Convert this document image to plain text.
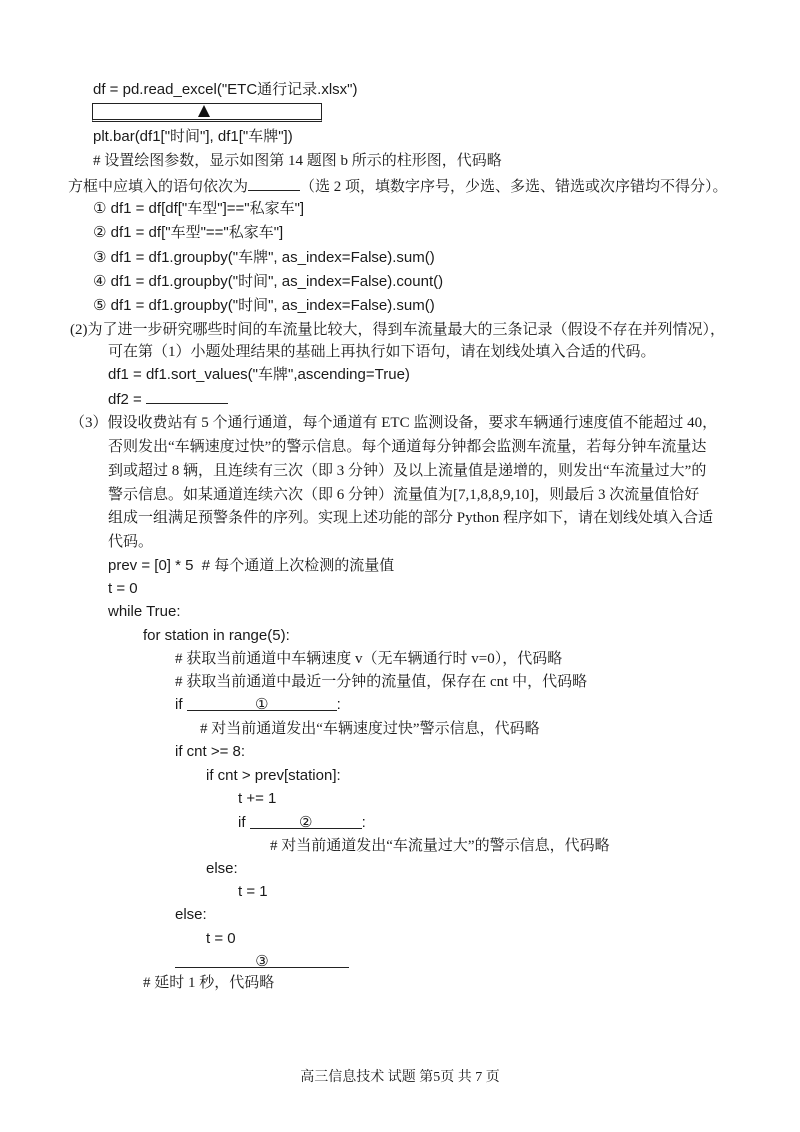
df = pd.read_excel("ETC通行记录.xlsx")
plt.bar(df1["时间"], df1["车牌"])
# 设置绘图参数，显示如图第 14 题图 b 所示的柱形图，代码略
方框中应填入的语句依次为	（选 2 项，填数字序号，少选、多选、错选或次序错均不得分）。
① df1 = df[df["车型"]=="私家车"]
② df1 = df["车型"=="私家车"]
③ df1 = df1.groupby("车牌", as_index=False).sum()
④ df1 = df1.groupby("时间", as_index=False).count()
⑤ df1 = df1.groupby("时间", as_index=False).sum()
(2)为了进一步研究哪些时间的车流量比较大，得到车流量最大的三条记录（假设不存在并列情况），
可在第（1）小题处理结果的基础上再执行如下语句，请在划线处填入合适的代码。
df1 = df1.sort_values("车牌",ascending=True)
df2 =
（3）假设收费站有 5 个通行通道，每个通道有 ETC 监测设备，要求车辆通行速度值不能超过 40，
否则发出“车辆速度过快”的警示信息。每个通道每分钟都会监测车流量，若每分钟车流量达
到或超过 8 辆，且连续有三次（即 3 分钟）及以上流量值是递增的，则发出“车流量过大”的
警示信息。如某通道连续六次（即 6 分钟）流量值为[7,1,8,8,9,10]，则最后 3 次流量值恰好
组成一组满足预警条件的序列。实现上述功能的部分 Python 程序如下，请在划线处填入合适
代码。
prev = [0] * 5  # 每个通道上次检测的流量值
t = 0
while True:
for station in range(5):
# 获取当前通道中车辆速度 v（无车辆通行时 v=0），代码略
# 获取当前通道中最近一分钟的流量值，保存在 cnt 中，代码略
if	①	:
# 对当前通道发出“车辆速度过快”警示信息，代码略
if cnt >= 8:
if cnt > prev[station]:
t += 1
if	②	:
# 对当前通道发出“车流量过大”的警示信息，代码略
else:
t = 1
else:
t = 0
③
# 延时 1 秒，代码略
高三信息技术 试题 第5页 共 7 页
